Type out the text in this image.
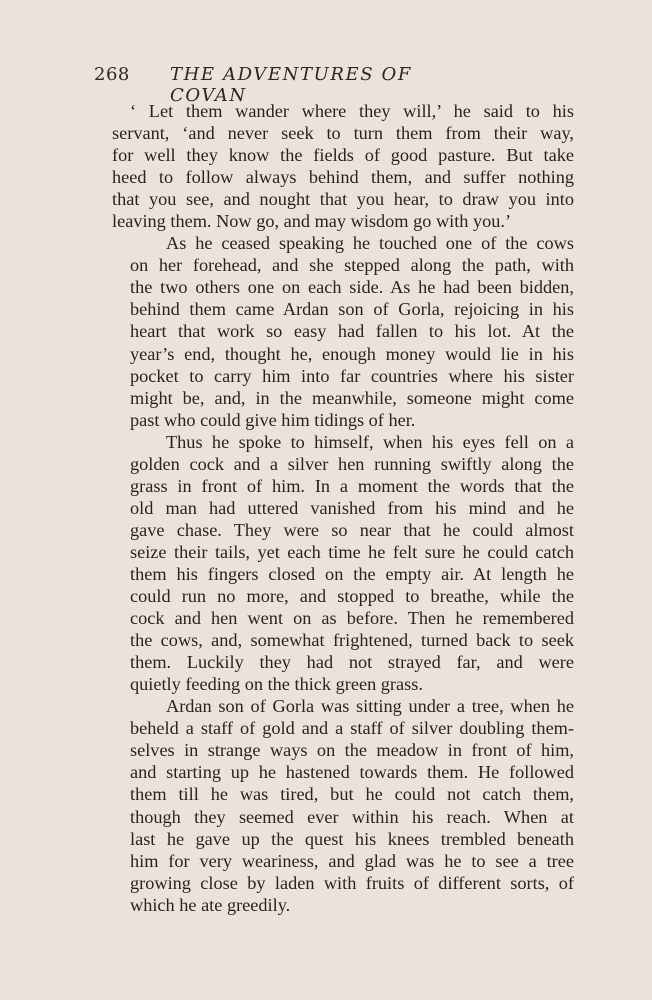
268 THE ADVENTURES OF COVAN
‘ Let them wander where they will,’ he said to his
servant, ‘and never seek to turn them from their way,
for well they know the fields of good pasture. But take
heed to follow always behind them, and suffer nothing
that you see, and nought that you hear, to draw you into
leaving them. Now go, and may wisdom go with you.’
As he ceased speaking he touched one of the cows
on her forehead, and she stepped along the path, with
the two others one on each side. As he had been bidden,
behind them came Ardan son of Gorla, rejoicing in his
heart that work so easy had fallen to his lot. At the
year’s end, thought he, enough money would lie in his
pocket to carry him into far countries where his sister
might be, and, in the meanwhile, someone might come
past who could give him tidings of her.
Thus he spoke to himself, when his eyes fell on a
golden cock and a silver hen running swiftly along the
grass in front of him. In a moment the words that the
old man had uttered vanished from his mind and he
gave chase. They were so near that he could almost
seize their tails, yet each time he felt sure he could catch
them his fingers closed on the empty air. At length he
could run no more, and stopped to breathe, while the
cock and hen went on as before. Then he remembered
the cows, and, somewhat frightened, turned back to seek
them. Luckily they had not strayed far, and were
quietly feeding on the thick green grass.
Ardan son of Gorla was sitting under a tree, when he
beheld a staff of gold and a staff of silver doubling them-
selves in strange ways on the meadow in front of him,
and starting up he hastened towards them. He followed
them till he was tired, but he could not catch them,
though they seemed ever within his reach. When at
last he gave up the quest his knees trembled beneath
him for very weariness, and glad was he to see a tree
growing close by laden with fruits of different sorts, of
which he ate greedily.
